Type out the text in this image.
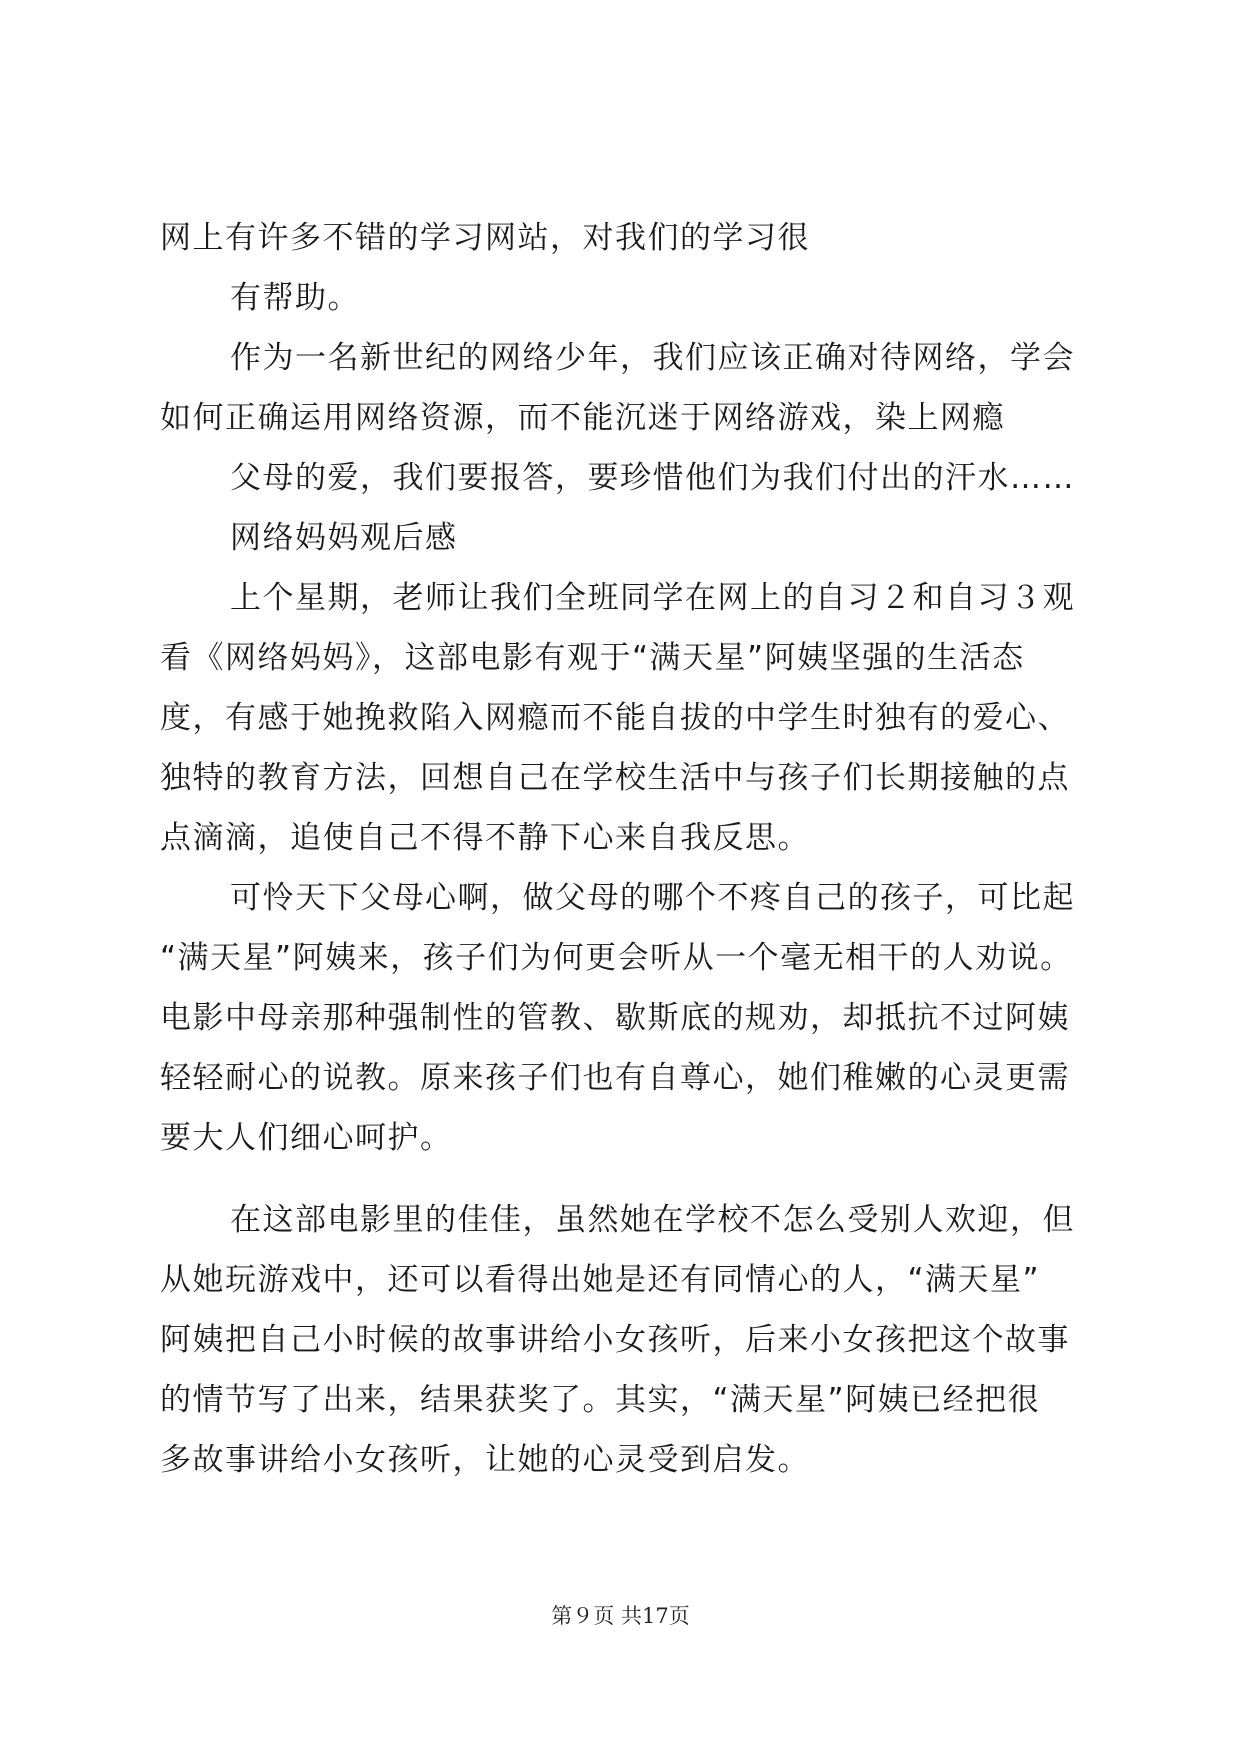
网上有许多不错的学习网站，对我们的学习很
有帮助。
作为一名新世纪的网络少年，我们应该正确对待网络，学会
如何正确运用网络资源，而不能沉迷于网络游戏，染上网瘾
父母的爱，我们要报答，要珍惜他们为我们付出的汗水……
网络妈妈观后感
上个星期，老师让我们全班同学在网上的自习２和自习３观
看《网络妈妈》，这部电影有观于“满天星”阿姨坚强的生活态
度，有感于她挽救陷入网瘾而不能自拔的中学生时独有的爱心、
独特的教育方法，回想自己在学校生活中与孩子们长期接触的点
点滴滴，追使自己不得不静下心来自我反思。
可怜天下父母心啊，做父母的哪个不疼自己的孩子，可比起
“满天星”阿姨来，孩子们为何更会听从一个毫无相干的人劝说。
电影中母亲那种强制性的管教、歇斯底的规劝，却抵抗不过阿姨
轻轻耐心的说教。原来孩子们也有自尊心，她们稚嫩的心灵更需
要大人们细心呵护。
在这部电影里的佳佳，虽然她在学校不怎么受别人欢迎，但
从她玩游戏中，还可以看得出她是还有同情心的人，“满天星”
阿姨把自己小时候的故事讲给小女孩听，后来小女孩把这个故事
的情节写了出来，结果获奖了。其实，“满天星”阿姨已经把很
多故事讲给小女孩听，让她的心灵受到启发。
第９页 共17页
